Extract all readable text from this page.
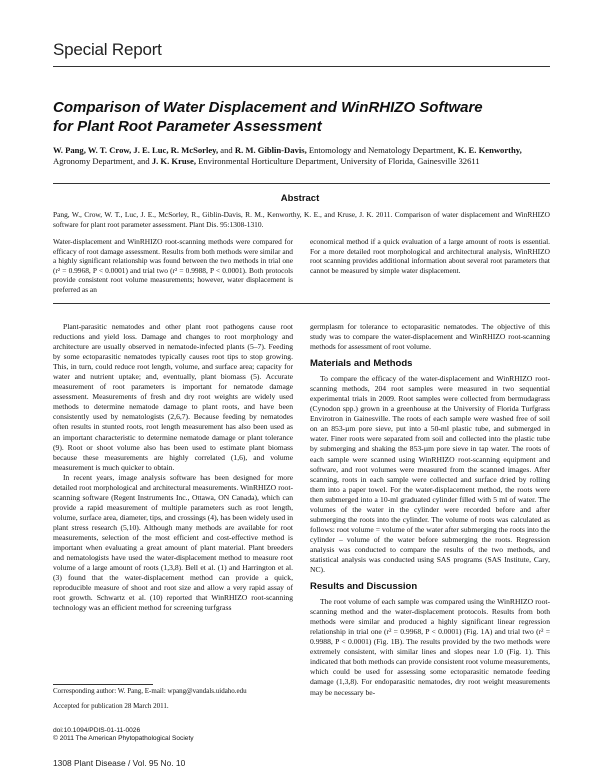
Special Report
Comparison of Water Displacement and WinRHIZO Software
for Plant Root Parameter Assessment
W. Pang, W. T. Crow, J. E. Luc, R. McSorley, and R. M. Giblin-Davis, Entomology and Nematology Department, K. E. Kenworthy,
Agronomy Department, and J. K. Kruse, Environmental Horticulture Department, University of Florida, Gainesville 32611
Abstract
Pang, W., Crow, W. T., Luc, J. E., McSorley, R., Giblin-Davis, R. M., Kenworthy, K. E., and Kruse, J. K. 2011. Comparison of water displacement and WinRHIZO software for plant root parameter assessment. Plant Dis. 95:1308-1310.
Water-displacement and WinRHIZO root-scanning methods were compared for efficacy of root damage assessment. Results from both methods were similar and a highly significant relationship was found between the two methods in trial one (r² = 0.9968, P < 0.0001) and trial two (r² = 0.9988, P < 0.0001). Both protocols provide consistent root volume measurements; however, water displacement is preferred as an
economical method if a quick evaluation of a large amount of roots is essential. For a more detailed root morphological and architectural analysis, WinRHIZO root scanning provides additional information about several root parameters that cannot be measured by simple water displacement.

Plant-parasitic nematodes and other plant root pathogens cause root reductions and yield loss. Damage and changes to root morphology and architecture are usually observed in nematode-infected plants (5–7). Feeding by some ectoparasitic nematodes typically causes root tips to stop growing. This, in turn, could reduce root length, volume, and surface area; capacity for water and nutrient uptake; and, eventually, plant biomass (5). Accurate measurement of root parameters is important for nematode damage assessment. Measurements of fresh and dry root weights are widely used methods to determine nematode damage to plant roots, and have been consistently used by nematologists (2,6,7). Because feeding by nematodes often results in stunted roots, root length measurement has also been used as an important characteristic to determine nematode damage or plant tolerance (9). Root or shoot volume also has been used to estimate plant biomass because these measurements are highly correlated (1,6), and volume measurement is much quicker to obtain.

In recent years, image analysis software has been designed for more detailed root morphological and architectural measurements. WinRHIZO root-scanning software (Regent Instruments Inc., Ottawa, ON Canada), which can provide a rapid measurement of multiple parameters such as root length, volume, surface area, diameter, tips, and crossings (4), has been widely used in plant stress research (5,10). Although many methods are available for root measurements, selection of the most efficient and cost-effective method is important when evaluating a great amount of plant material. Plant breeders and nematologists have used the water-displacement method to measure root volume of a large amount of roots (1,3,8). Bell et al. (1) and Harrington et al. (3) found that the water-displacement method can provide a quick, reproducible measure of shoot and root size and allow a very rapid assay of root growth. Schwartz et al. (10) reported that WinRHIZO root-scanning technology was an efficient method for screening turfgrass

Corresponding author: W. Pang, E-mail: wpang@vandals.uidaho.edu
Accepted for publication 28 March 2011.
doi:10.1094/PDIS-01-11-0026
© 2011 The American Phytopathological Society

germplasm for tolerance to ectoparasitic nematodes. The objective of this study was to compare the water-displacement and WinRHIZO root-scanning methods for assessment of root volume.

Materials and Methods

To compare the efficacy of the water-displacement and WinRHIZO root-scanning methods, 204 root samples were measured in two sequential experimental trials in 2009. Root samples were collected from bermudagrass (Cynodon spp.) grown in a greenhouse at the University of Florida Turfgrass Envirotron in Gainesville. The roots of each sample were washed free of soil on an 853-µm pore sieve, put into a 50-ml plastic tube, and submerged in water. Finer roots were separated from soil and collected into the plastic tube by submerging and shaking the 853-µm pore sieve in tap water. The roots of each sample were scanned using WinRHIZO root-scanning equipment and software, and root volumes were measured from the scanned images. After scanning, roots in each sample were collected and surface dried by rolling them into a paper towel. For the water-displacement method, the roots were then submerged into a 10-ml graduated cylinder filled with 5 ml of water. The volumes of the water in the cylinder were recorded before and after submerging the roots into the cylinder. The volume of roots was calculated as follows: root volume = volume of the water after submerging the roots into the cylinder – volume of the water before submerging the roots. Regression analysis was conducted to compare the results of the two methods, and statistical analysis was conducted using SAS programs (SAS Institute, Cary, NC).

Results and Discussion

The root volume of each sample was compared using the WinRHIZO root-scanning method and the water-displacement protocols. Results from both methods were similar and produced a highly significant linear regression relationship in trial one (r² = 0.9968, P < 0.0001) (Fig. 1A) and trial two (r² = 0.9988, P < 0.0001) (Fig. 1B). The results provided by the two methods were extremely consistent, with similar lines and slopes near 1.0 (Fig. 1). This indicated that both methods can provide consistent root volume measurements, which could be used for assessing some ectoparasitic nematode feeding damage (1,3,8). For endoparasitic nematodes, dry root weight measurements may be necessary be-

1308 Plant Disease / Vol. 95 No. 10
